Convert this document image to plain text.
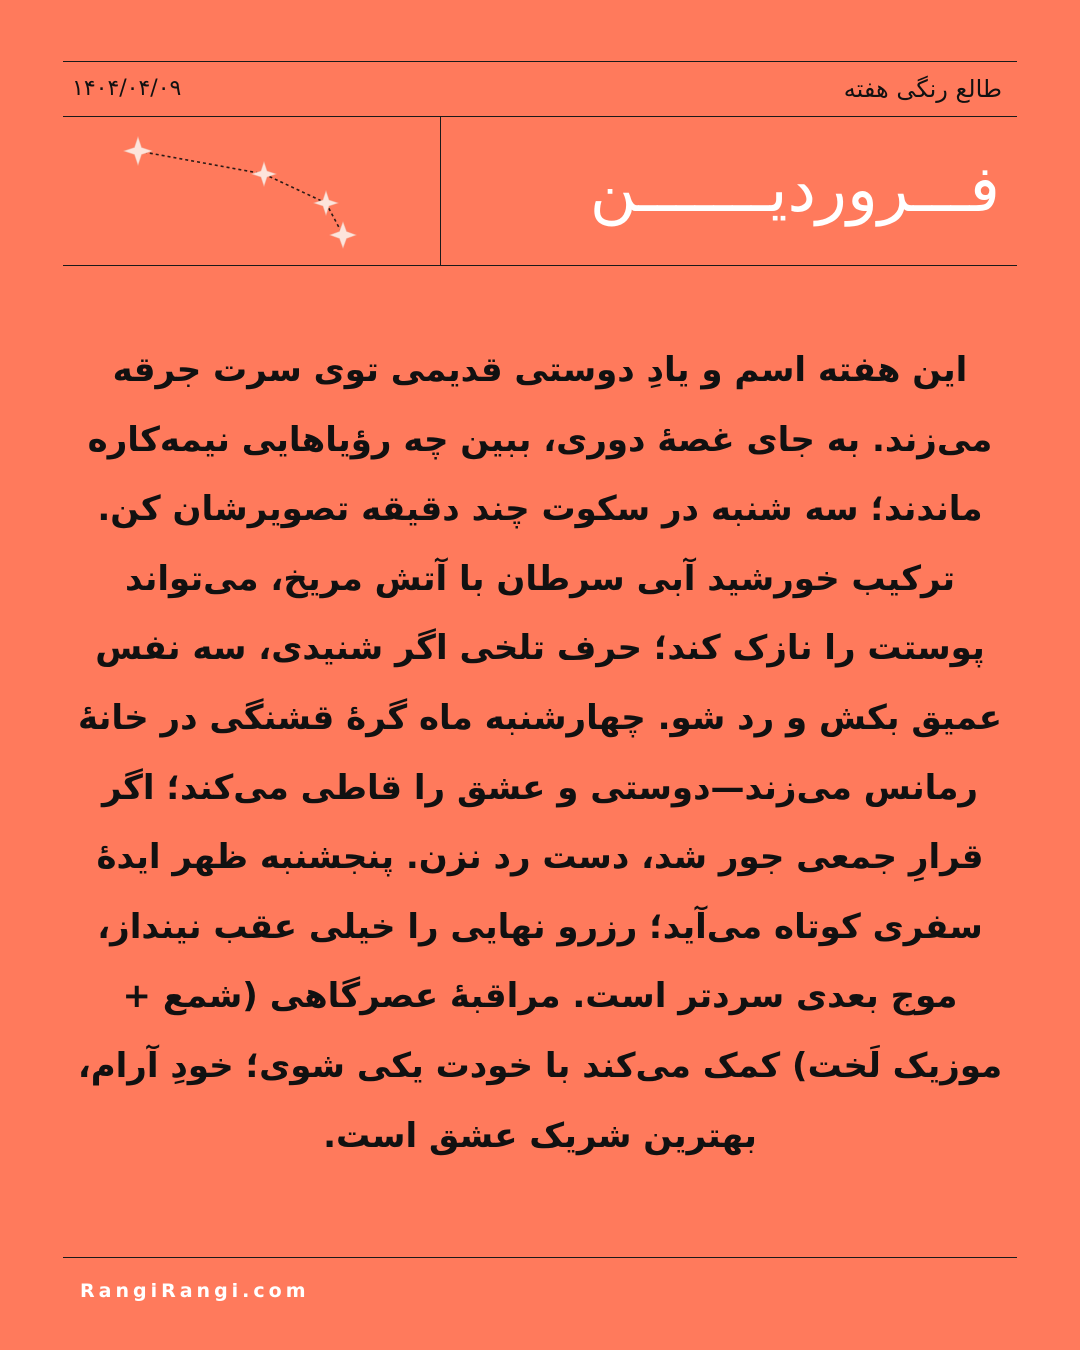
طالع رنگی هفته
۱۴۰۴/۰۴/۰۹
فـــروردیـــــــن

این هفته اسم و یادِ دوستی قدیمی توی سرت جرقه می‌زند. به جای غصهٔ دوری، ببین چه رؤیاهایی نیمه‌کاره ماندند؛ سه شنبه در سکوت چند دقیقه تصویرشان کن. ترکیب خورشید آبی سرطان با آتش مریخ، می‌تواند پوستت را نازک کند؛ حرف تلخی اگر شنیدی، سه نفس عمیق بکش و رد شو. چهارشنبه ماه گرهٔ قشنگی در خانهٔ رمانس می‌زند—دوستی و عشق را قاطی می‌کند؛ اگر قرارِ جمعی جور شد، دست رد نزن. پنجشنبه ظهر ایدهٔ سفری کوتاه می‌آید؛ رزرو نهایی را خیلی عقب نینداز، موج بعدی سردتر است. مراقبهٔ عصرگاهی (شمع + موزیک لَخت) کمک می‌کند با خودت یکی شوی؛ خودِ آرام، بهترین شریک عشق است.

RangiRangi.com
